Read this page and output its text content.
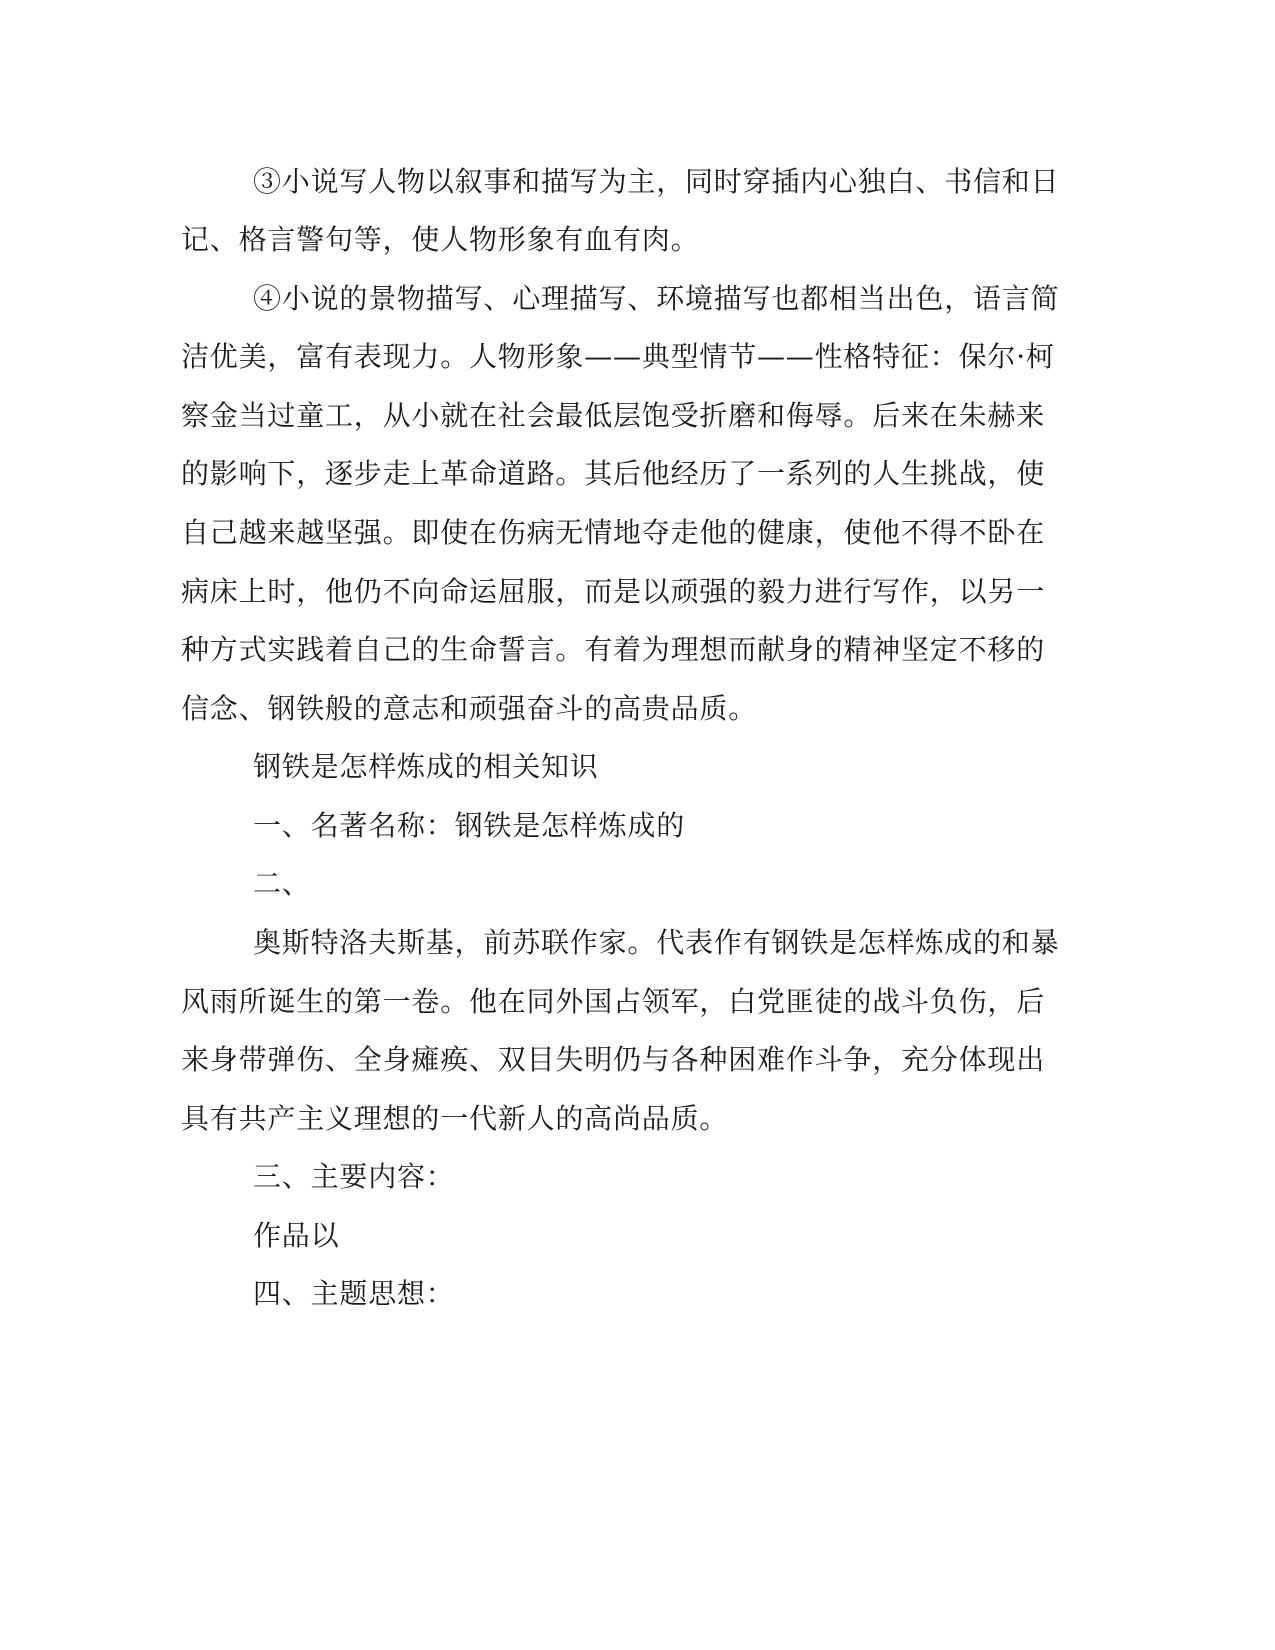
③小说写人物以叙事和描写为主，同时穿插内心独白、书信和日
记、格言警句等，使人物形象有血有肉。
④小说的景物描写、心理描写、环境描写也都相当出色，语言简
洁优美，富有表现力。人物形象——典型情节——性格特征：保尔·柯
察金当过童工，从小就在社会最低层饱受折磨和侮辱。后来在朱赫来
的影响下，逐步走上革命道路。其后他经历了一系列的人生挑战，使
自己越来越坚强。即使在伤病无情地夺走他的健康，使他不得不卧在
病床上时，他仍不向命运屈服，而是以顽强的毅力进行写作，以另一
种方式实践着自己的生命誓言。有着为理想而献身的精神坚定不移的
信念、钢铁般的意志和顽强奋斗的高贵品质。
钢铁是怎样炼成的相关知识
一、名著名称：钢铁是怎样炼成的
二、
奥斯特洛夫斯基，前苏联作家。代表作有钢铁是怎样炼成的和暴
风雨所诞生的第一卷。他在同外国占领军，白党匪徒的战斗负伤，后
来身带弹伤、全身瘫痪、双目失明仍与各种困难作斗争，充分体现出
具有共产主义理想的一代新人的高尚品质。
三、主要内容：
作品以
四、主题思想：
